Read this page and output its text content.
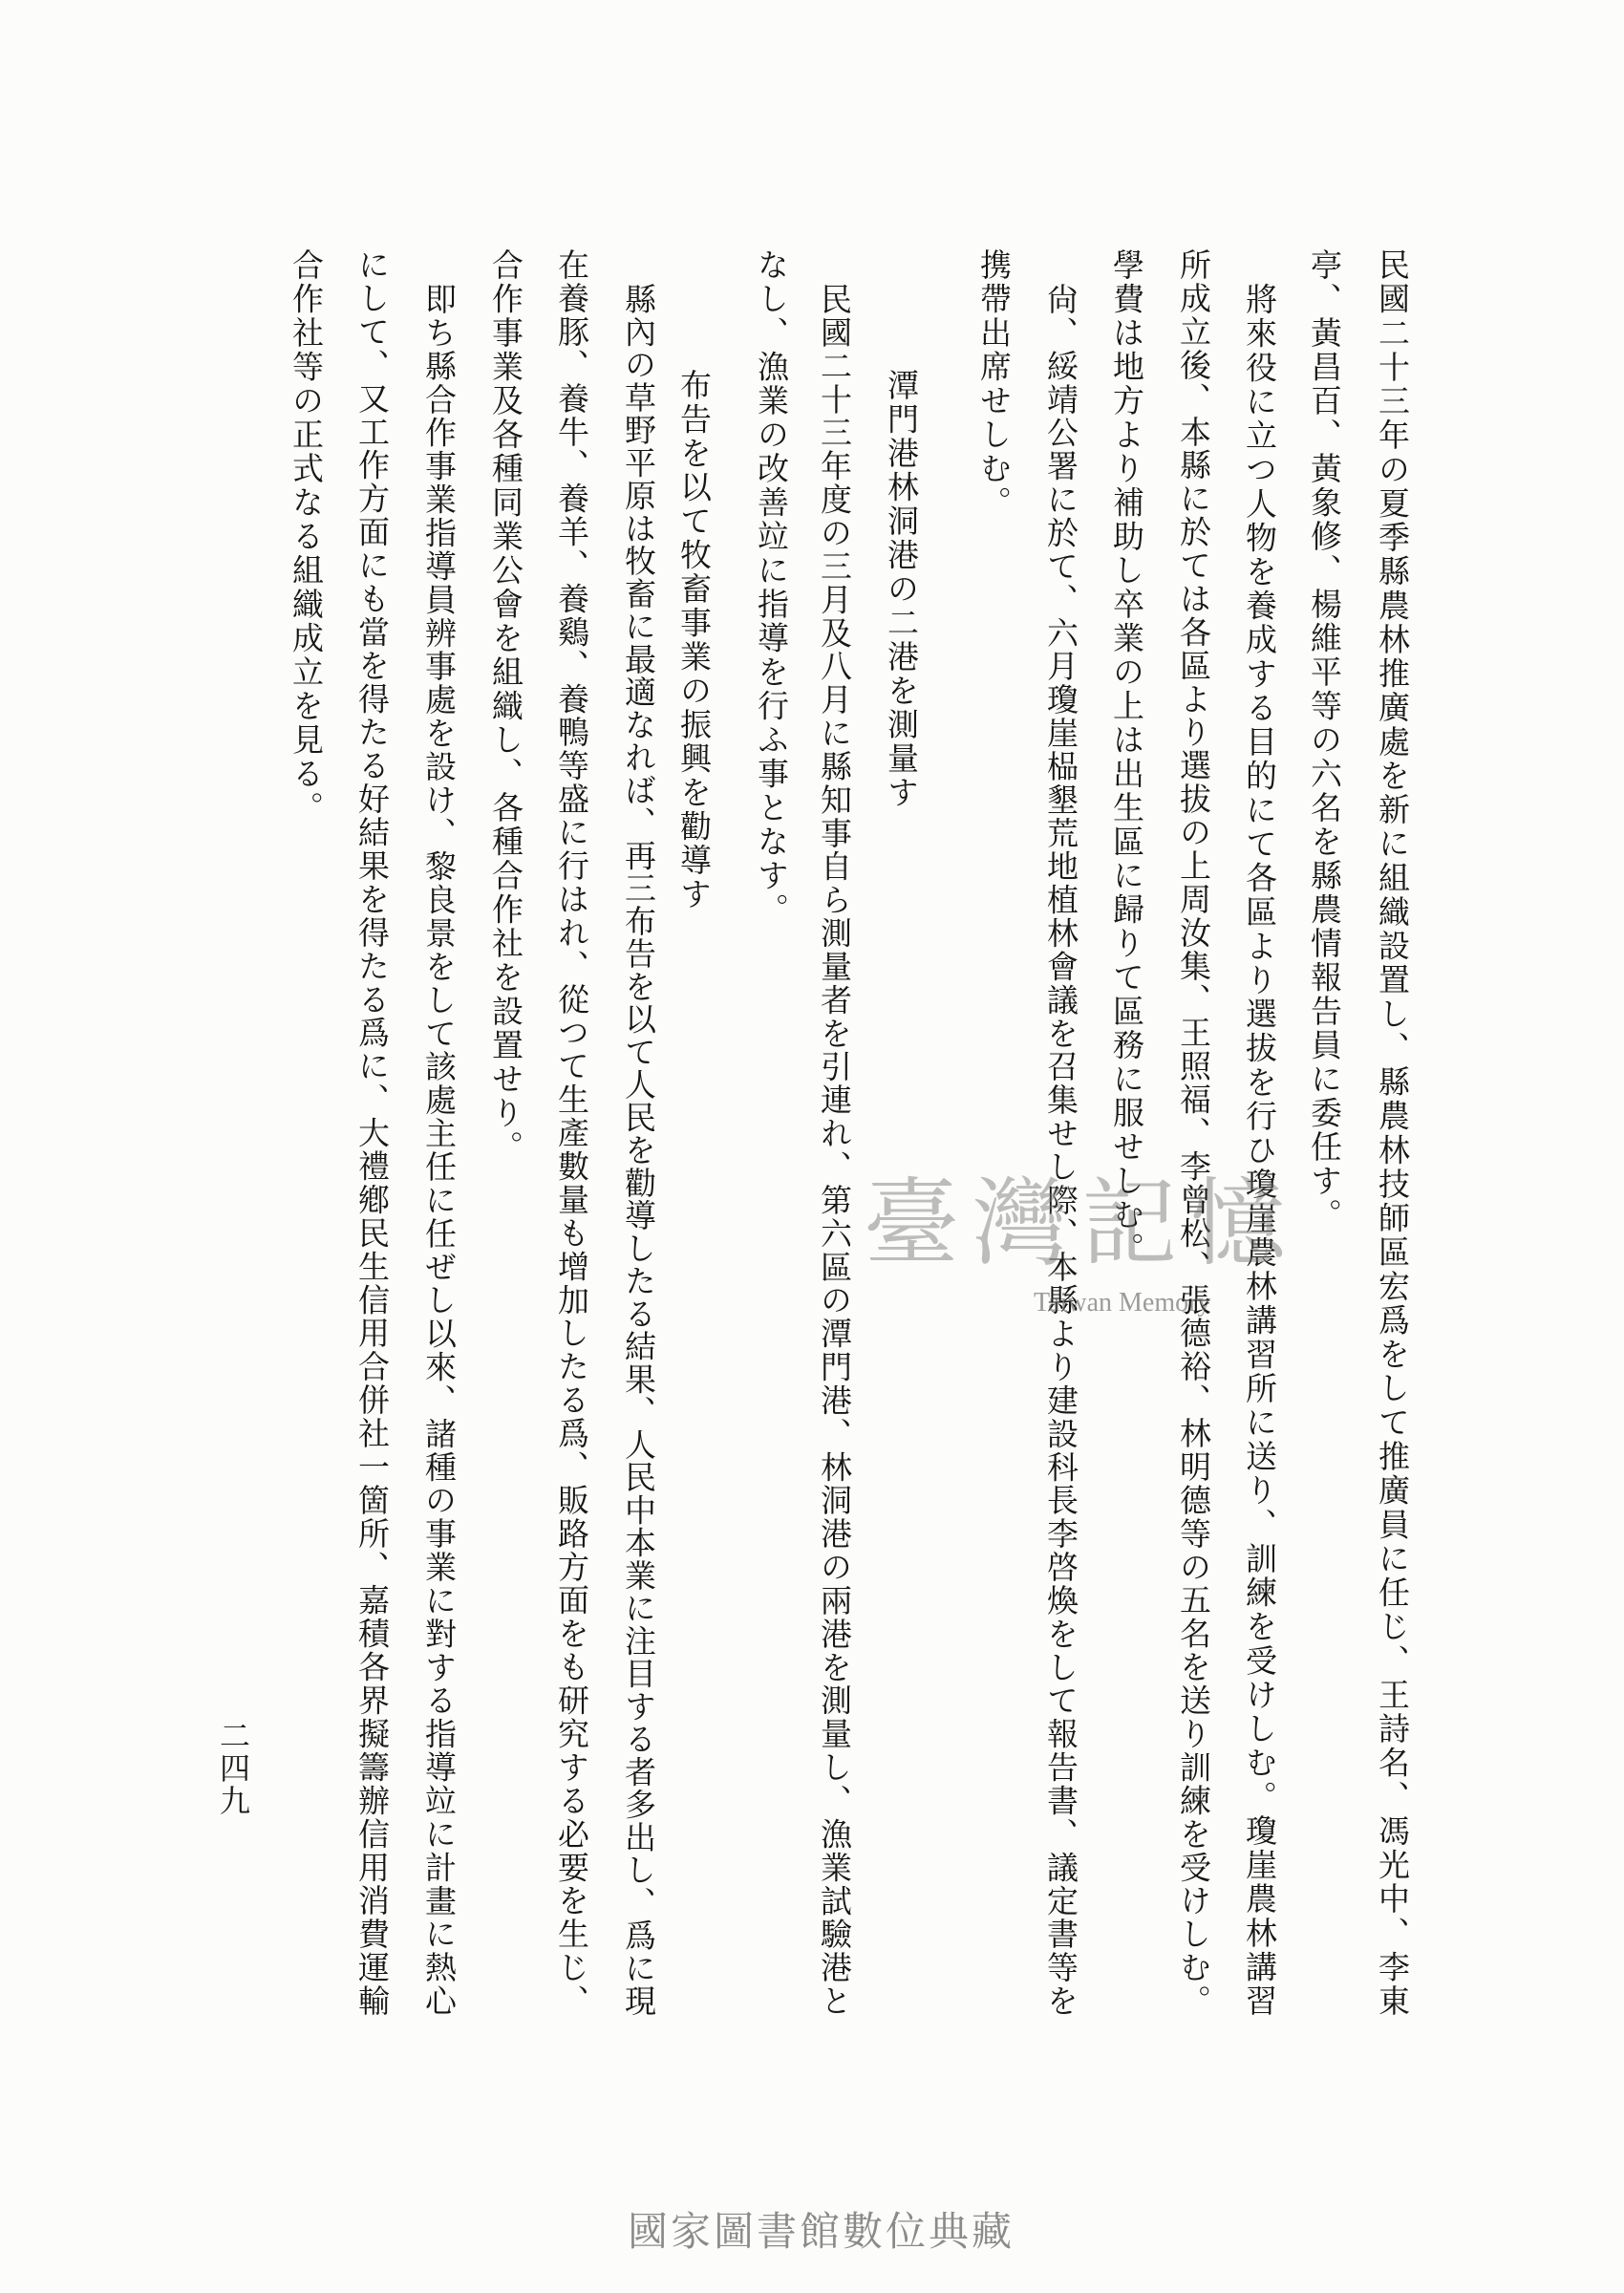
民國二十三年の夏季縣農林推廣處を新に組織設置し、縣農林技師區宏爲をして推廣員に任じ、王詩名、馮光中、李東
亭、黃昌百、黃象修、楊維平等の六名を縣農情報告員に委任す。
將來役に立つ人物を養成する目的にて各區より選拔を行ひ瓊崖農林講習所に送り、訓練を受けしむ。瓊崖農林講習
所成立後、本縣に於ては各區より選拔の上周汝集、王照福、李曾松、張德裕、林明德等の五名を送り訓練を受けしむ。
學費は地方より補助し卒業の上は出生區に歸りて區務に服せしむ。
尙、綏靖公署に於て、六月瓊崖榀墾荒地植林會議を召集せし際、本縣より建設科長李啓煥をして報告書、議定書等を
携帶出席せしむ。
潭門港林洞港の二港を測量す
民國二十三年度の三月及八月に縣知事自ら測量者を引連れ、第六區の潭門港、林洞港の兩港を測量し、漁業試驗港と
なし、漁業の改善竝に指導を行ふ事となす。
布告を以て牧畜事業の振興を勸導す
縣內の草野平原は牧畜に最適なれば、再三布告を以て人民を勸導したる結果、人民中本業に注目する者多出し、爲に現
在養豚、養牛、養羊、養鷄、養鴨等盛に行はれ、從つて生產數量も增加したる爲、販路方面をも研究する必要を生じ、
合作事業及各種同業公會を組織し、各種合作社を設置せり。
即ち縣合作事業指導員辨事處を設け、黎良景をして該處主任に任ぜし以來、諸種の事業に對する指導竝に計畫に熱心
にして、又工作方面にも當を得たる好結果を得たる爲に、大禮鄕民生信用合併社一箇所、嘉積各界擬籌辦信用消費運輸
合作社等の正式なる組織成立を見る。
二四九
臺灣記憶
Taiwan Memory
國家圖書館數位典藏
